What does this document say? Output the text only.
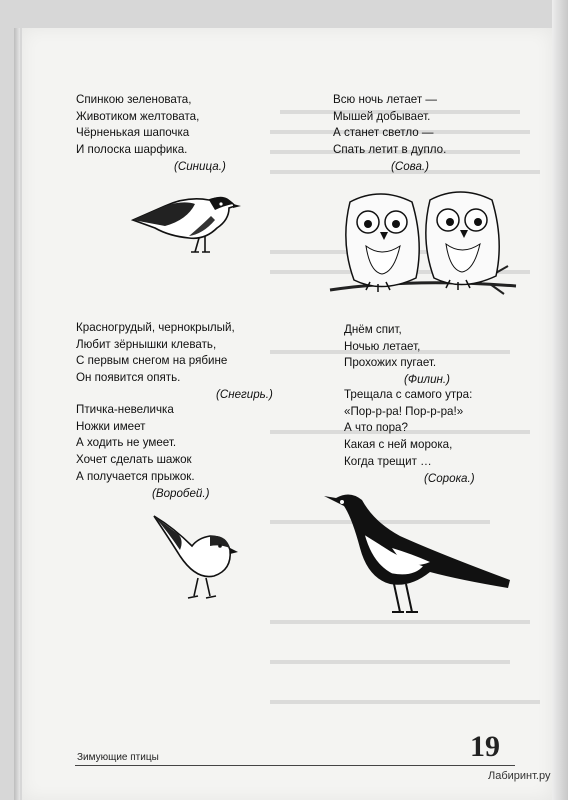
Спинкою зеленовата,
Животиком желтовата,
Чёрненькая шапочка
И полоска шарфика.
(Синица.)
Всю ночь летает —
Мышей добывает.
А станет светло —
Спать летит в дупло.
(Сова.)
Красногрудый, чернокрылый,
Любит зёрнышки клевать,
С первым снегом на рябине
Он появится опять.
(Снегирь.)
Днём спит,
Ночью летает,
Прохожих пугает.
(Филин.)
Птичка-невеличка
Ножки имеет
А ходить не умеет.
Хочет сделать шажок
А получается прыжок.
(Воробей.)
Трещала с самого утра:
«Пор-р-ра! Пор-р-ра!»
А что пора?
Какая с ней морока,
Когда трещит …
(Сорока.)
Зимующие птицы	19
Лабиринт.ру
